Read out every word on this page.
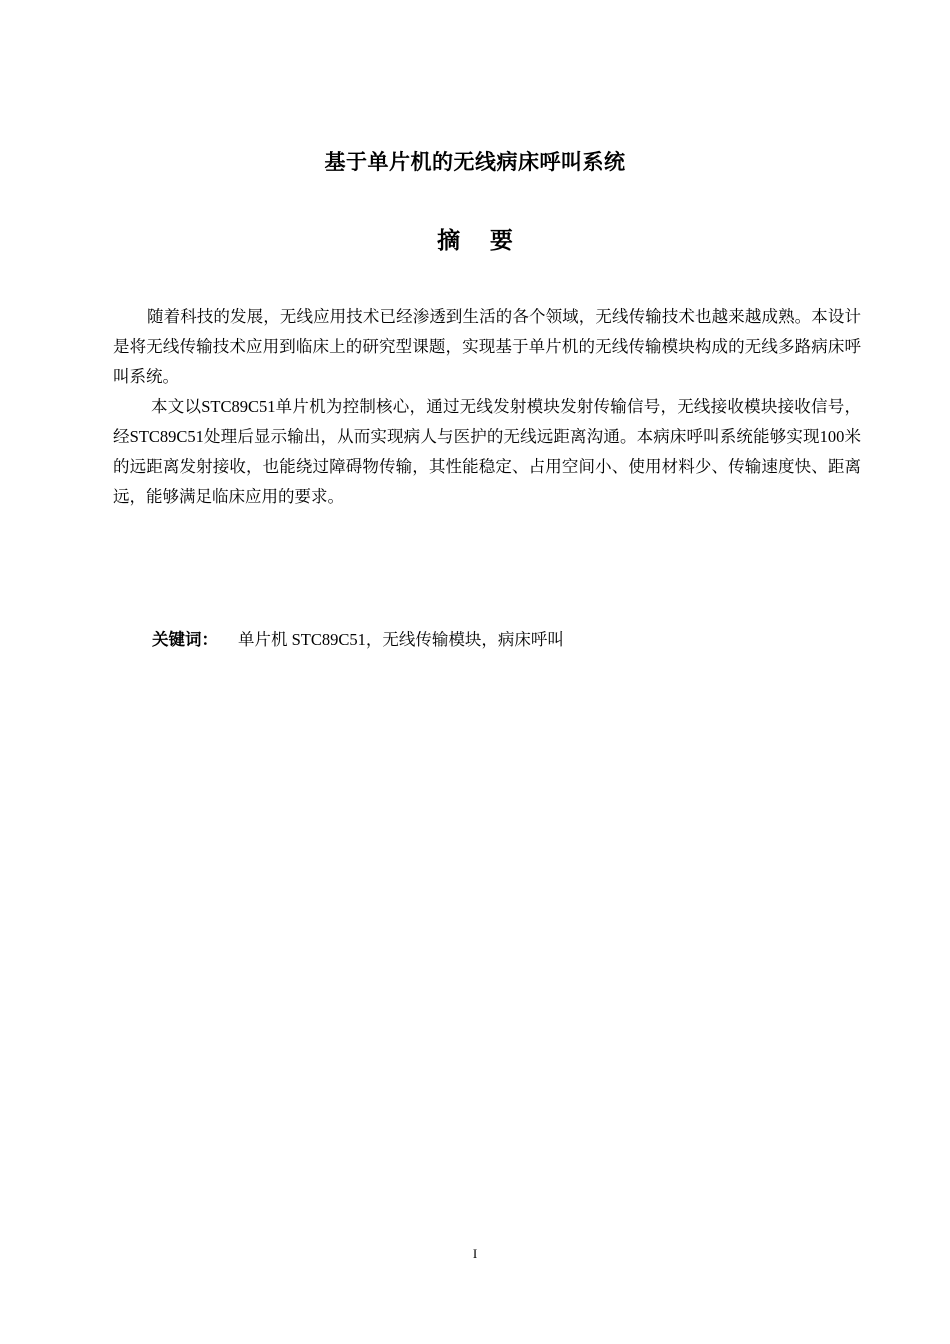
基于单片机的无线病床呼叫系统
摘 要

随着科技的发展，无线应用技术已经渗透到生活的各个领域，无线传输技术也越来越成熟。本设计是将无线传输技术应用到临床上的研究型课题，实现基于单片机的无线传输模块构成的无线多路病床呼叫系统。

本文以STC89C51单片机为控制核心，通过无线发射模块发射传输信号，无线接收模块接收信号，经STC89C51处理后显示输出，从而实现病人与医护的无线远距离沟通。本病床呼叫系统能够实现100米的远距离发射接收，也能绕过障碍物传输，其性能稳定、占用空间小、使用材料少、传输速度快、距离远，能够满足临床应用的要求。

关键词： 单片机 STC89C51，无线传输模块，病床呼叫
I
